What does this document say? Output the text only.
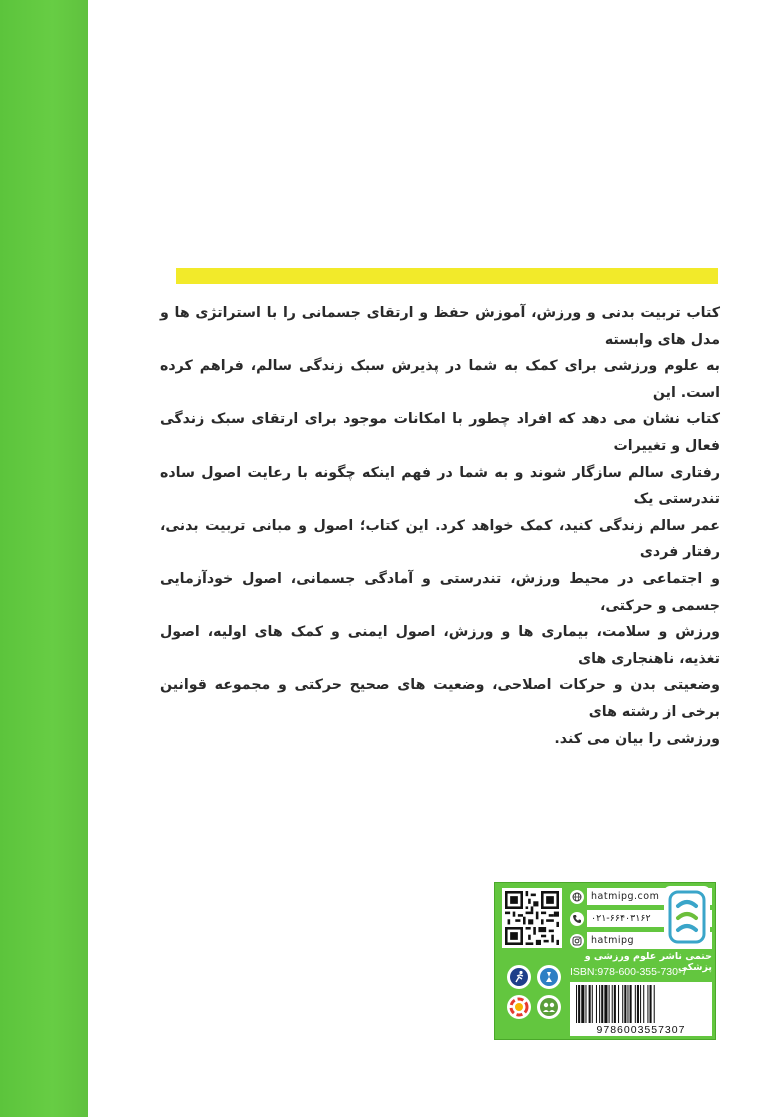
کتاب تربیت بدنی و ورزش، آموزش حفظ و ارتقای جسمانی را با استراتژی ها و مدل های وابسته
به علوم ورزشی برای کمک به شما در پذیرش سبک زندگی سالم، فراهم کرده است. این
کتاب نشان می دهد که افراد چطور با امکانات موجود برای ارتقای سبک زندگی فعال و تغییرات
رفتاری سالم سازگار شوند و به شما در فهم اینکه چگونه با رعایت اصول ساده تندرستی یک
عمر سالم زندگی کنید، کمک خواهد کرد. این کتاب؛ اصول و مبانی تربیت بدنی، رفتار فردی
و اجتماعی در محیط ورزش، تندرستی و آمادگی جسمانی، اصول خودآزمایی جسمی و حرکتی،
ورزش و سلامت، بیماری ها و ورزش، اصول ایمنی و کمک های اولیه، اصول تغذیه، ناهنجاری های
وضعیتی بدن و حرکات اصلاحی، وضعیت های صحیح حرکتی و مجموعه قوانین برخی از رشته های
ورزشی را بیان می کند.
hatmipg.com
۰۲۱-۶۶۴۰۳۱۶۲
hatmipg
حتمی ناشر علوم ورزشی و پزشکی
ISBN:978-600-355-730-7
9786003557307
